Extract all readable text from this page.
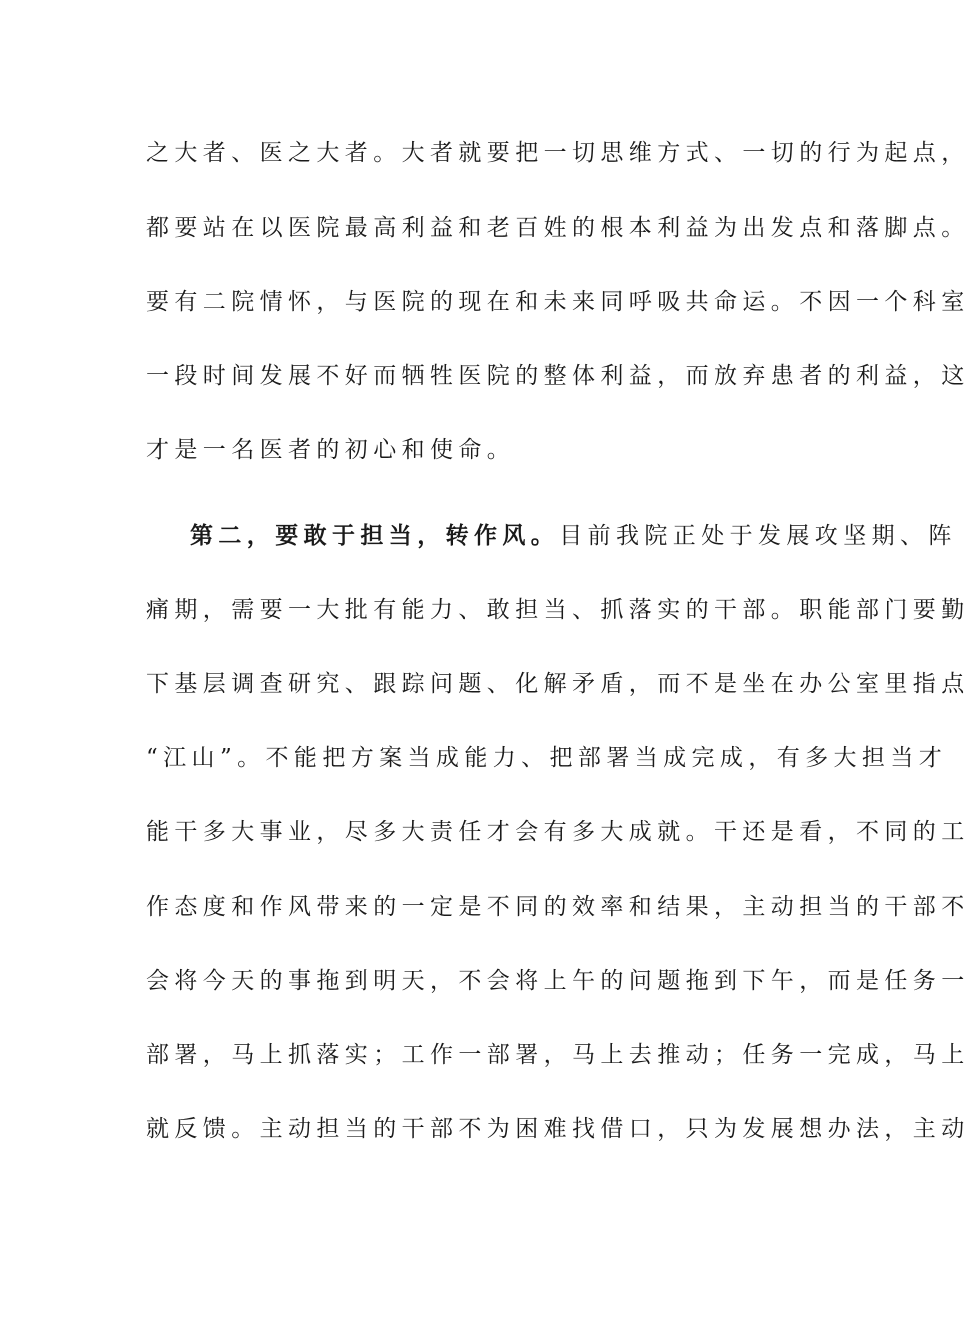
之大者、医之大者。大者就要把一切思维方式、一切的行为起点，
都要站在以医院最高利益和老百姓的根本利益为出发点和落脚点。
要有二院情怀，与医院的现在和未来同呼吸共命运。不因一个科室
一段时间发展不好而牺牲医院的整体利益，而放弃患者的利益，这
才是一名医者的初心和使命。
第二，要敢于担当，转作风。目前我院正处于发展攻坚期、阵
痛期，需要一大批有能力、敢担当、抓落实的干部。职能部门要勤
下基层调查研究、跟踪问题、化解矛盾，而不是坐在办公室里指点
“江山”。不能把方案当成能力、把部署当成完成，有多大担当才
能干多大事业，尽多大责任才会有多大成就。干还是看，不同的工
作态度和作风带来的一定是不同的效率和结果，主动担当的干部不
会将今天的事拖到明天，不会将上午的问题拖到下午，而是任务一
部署，马上抓落实；工作一部署，马上去推动；任务一完成，马上
就反馈。主动担当的干部不为困难找借口，只为发展想办法，主动
